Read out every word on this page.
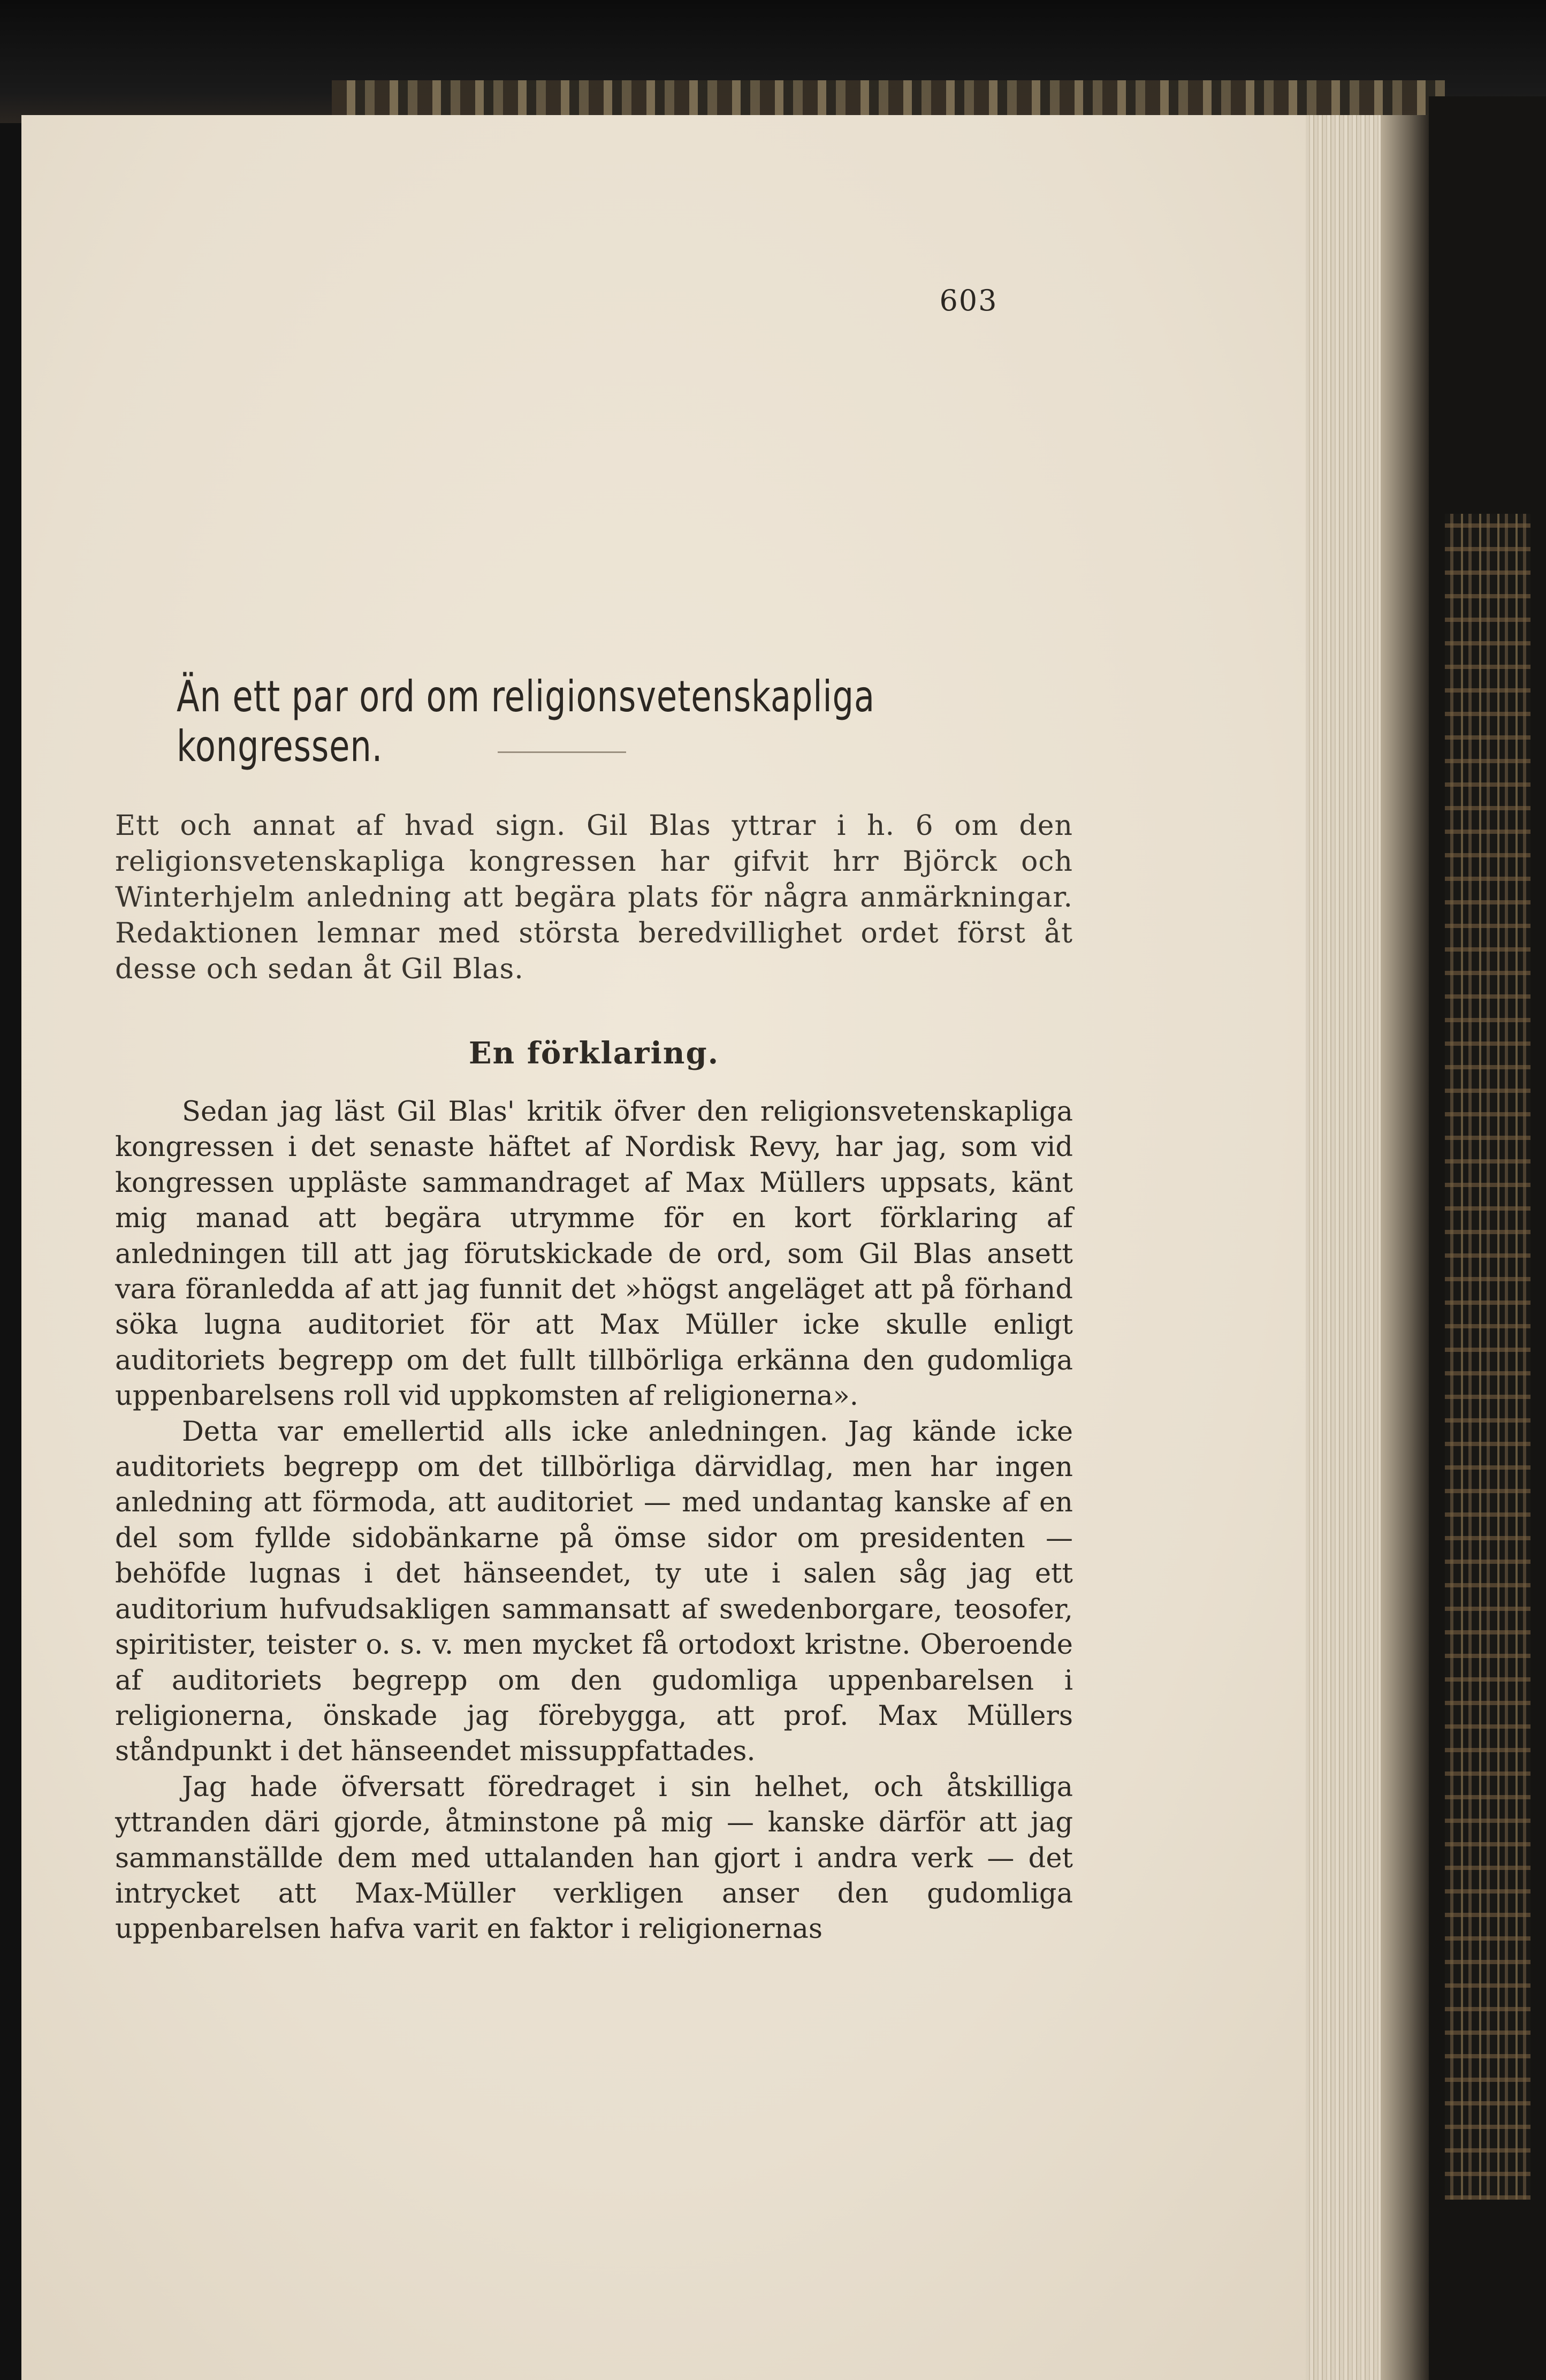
603
Än ett par ord om religionsvetenskapliga kongressen.
Ett och annat af hvad sign. Gil Blas yttrar i h. 6 om den religionsvetenskapliga kongressen har gifvit hrr Björck och Winterhjelm anledning att begära plats för några anmärkningar. Redaktionen lemnar med största beredvillighet ordet först åt desse och sedan åt Gil Blas.
En förklaring.

Sedan jag läst Gil Blas' kritik öfver den religionsvetenskapliga kongressen i det senaste häftet af Nordisk Revy, har jag, som vid kongressen uppläste sammandraget af Max Müllers uppsats, känt mig manad att begära utrymme för en kort förklaring af anledningen till att jag förutskickade de ord, som Gil Blas ansett vara föranledda af att jag funnit det »högst angeläget att på förhand söka lugna auditoriet för att Max Müller icke skulle enligt auditoriets begrepp om det fullt tillbörliga erkänna den gudomliga uppenbarelsens roll vid uppkomsten af religionerna».

Detta var emellertid alls icke anledningen. Jag kände icke auditoriets begrepp om det tillbörliga därvidlag, men har ingen anledning att förmoda, att auditoriet — med undantag kanske af en del som fyllde sidobänkarne på ömse sidor om presidenten — behöfde lugnas i det hänseendet, ty ute i salen såg jag ett auditorium hufvudsakligen sammansatt af swedenborgare, teosofer, spiritister, teister o. s. v. men mycket få ortodoxt kristne. Oberoende af auditoriets begrepp om den gudomliga uppenbarelsen i religionerna, önskade jag förebygga, att prof. Max Müllers ståndpunkt i det hänseendet missuppfattades.

Jag hade öfversatt föredraget i sin helhet, och åtskilliga yttranden däri gjorde, åtminstone på mig — kanske därför att jag sammanställde dem med uttalanden han gjort i andra verk — det intrycket att Max-Müller verkligen anser den gudomliga uppenbarelsen hafva varit en faktor i religionernas
